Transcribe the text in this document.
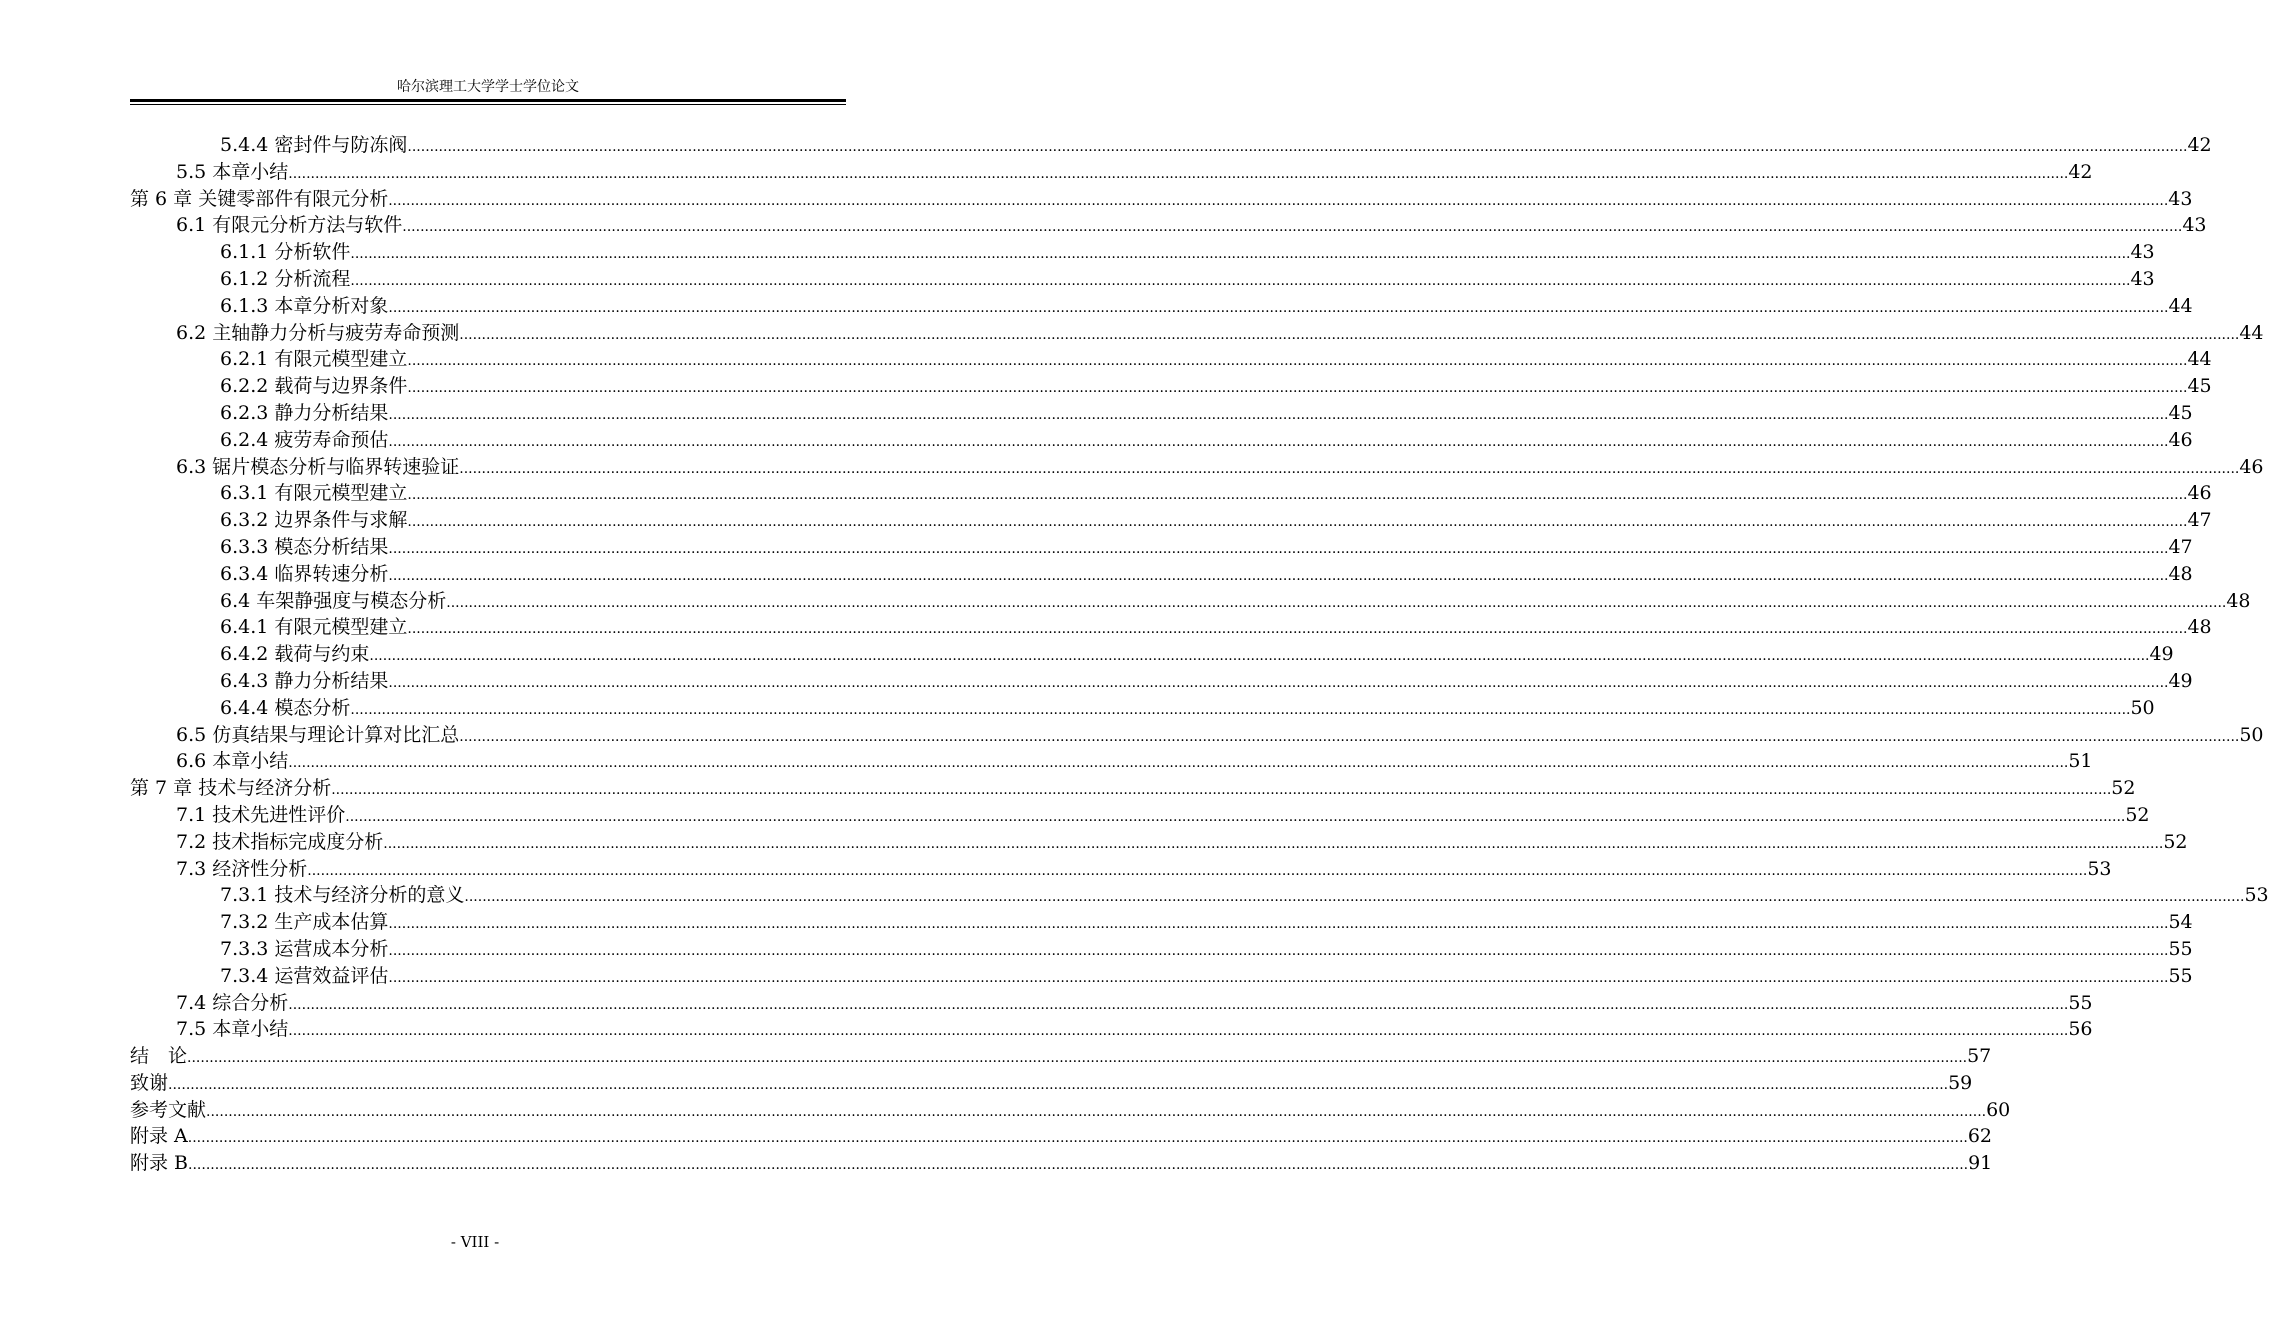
哈尔滨理工大学学士学位论文
5.4.4 密封件与防冻阀 ................................................................................................................................................................................................................................................................................................................................................................................................................ 42
5.5 本章小结 ................................................................................................................................................................................................................................................................................................................................................................................................................ 42
第 6 章 关键零部件有限元分析 ................................................................................................................................................................................................................................................................................................................................................................................................................ 43
6.1 有限元分析方法与软件 ................................................................................................................................................................................................................................................................................................................................................................................................................ 43
6.1.1 分析软件 ................................................................................................................................................................................................................................................................................................................................................................................................................ 43
6.1.2 分析流程 ................................................................................................................................................................................................................................................................................................................................................................................................................ 43
6.1.3 本章分析对象 ................................................................................................................................................................................................................................................................................................................................................................................................................ 44
6.2 主轴静力分析与疲劳寿命预测 ................................................................................................................................................................................................................................................................................................................................................................................................................ 44
6.2.1 有限元模型建立 ................................................................................................................................................................................................................................................................................................................................................................................................................ 44
6.2.2 载荷与边界条件 ................................................................................................................................................................................................................................................................................................................................................................................................................ 45
6.2.3 静力分析结果 ................................................................................................................................................................................................................................................................................................................................................................................................................ 45
6.2.4 疲劳寿命预估 ................................................................................................................................................................................................................................................................................................................................................................................................................ 46
6.3 锯片模态分析与临界转速验证 ................................................................................................................................................................................................................................................................................................................................................................................................................ 46
6.3.1 有限元模型建立 ................................................................................................................................................................................................................................................................................................................................................................................................................ 46
6.3.2 边界条件与求解 ................................................................................................................................................................................................................................................................................................................................................................................................................ 47
6.3.3 模态分析结果 ................................................................................................................................................................................................................................................................................................................................................................................................................ 47
6.3.4 临界转速分析 ................................................................................................................................................................................................................................................................................................................................................................................................................ 48
6.4 车架静强度与模态分析 ................................................................................................................................................................................................................................................................................................................................................................................................................ 48
6.4.1 有限元模型建立 ................................................................................................................................................................................................................................................................................................................................................................................................................ 48
6.4.2 载荷与约束 ................................................................................................................................................................................................................................................................................................................................................................................................................ 49
6.4.3 静力分析结果 ................................................................................................................................................................................................................................................................................................................................................................................................................ 49
6.4.4 模态分析 ................................................................................................................................................................................................................................................................................................................................................................................................................ 50
6.5 仿真结果与理论计算对比汇总 ................................................................................................................................................................................................................................................................................................................................................................................................................ 50
6.6 本章小结 ................................................................................................................................................................................................................................................................................................................................................................................................................ 51
第 7 章 技术与经济分析 ................................................................................................................................................................................................................................................................................................................................................................................................................ 52
7.1 技术先进性评价 ................................................................................................................................................................................................................................................................................................................................................................................................................ 52
7.2 技术指标完成度分析 ................................................................................................................................................................................................................................................................................................................................................................................................................ 52
7.3 经济性分析 ................................................................................................................................................................................................................................................................................................................................................................................................................ 53
7.3.1 技术与经济分析的意义 ................................................................................................................................................................................................................................................................................................................................................................................................................ 53
7.3.2 生产成本估算 ................................................................................................................................................................................................................................................................................................................................................................................................................ 54
7.3.3 运营成本分析 ................................................................................................................................................................................................................................................................................................................................................................................................................ 55
7.3.4 运营效益评估 ................................................................................................................................................................................................................................................................................................................................................................................................................ 55
7.4 综合分析 ................................................................................................................................................................................................................................................................................................................................................................................................................ 55
7.5 本章小结 ................................................................................................................................................................................................................................................................................................................................................................................................................ 56
结　论 ................................................................................................................................................................................................................................................................................................................................................................................................................ 57
致谢 ................................................................................................................................................................................................................................................................................................................................................................................................................ 59
参考文献 ................................................................................................................................................................................................................................................................................................................................................................................................................ 60
附录 A ................................................................................................................................................................................................................................................................................................................................................................................................................ 62
附录 B ................................................................................................................................................................................................................................................................................................................................................................................................................ 91
- VIII -
